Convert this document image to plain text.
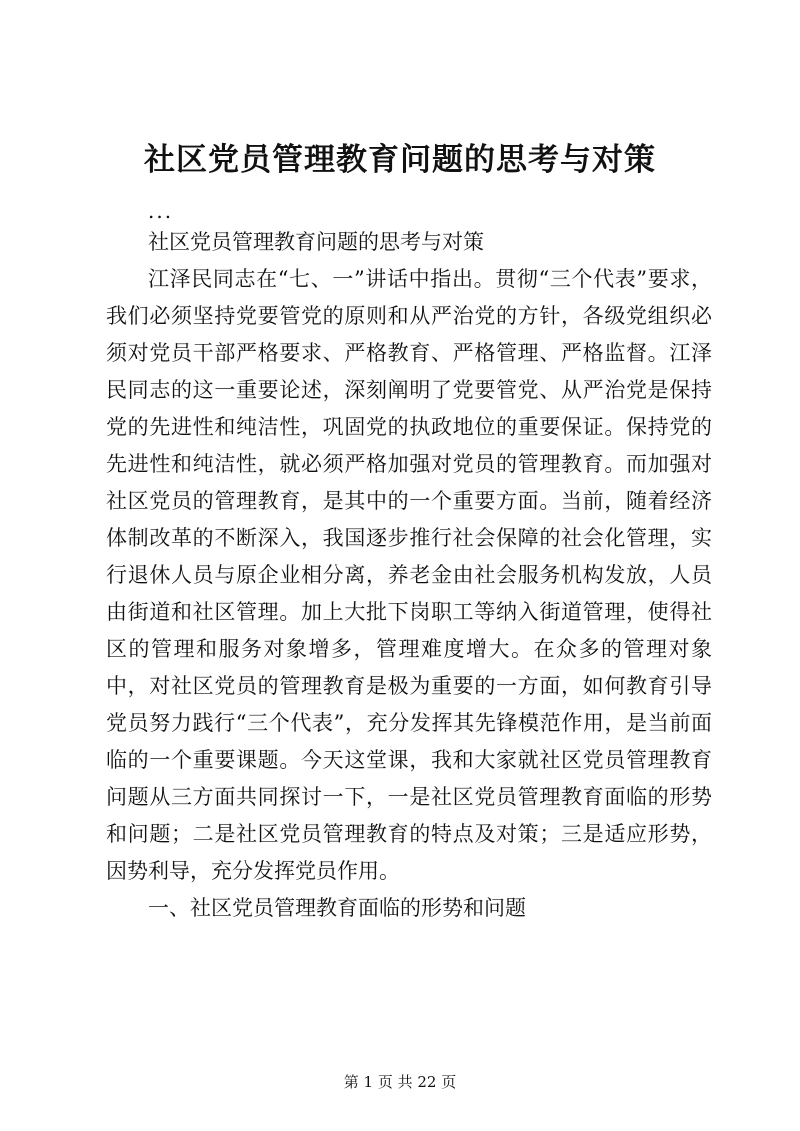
社区党员管理教育问题的思考与对策
...

社区党员管理教育问题的思考与对策

江泽民同志在“七、一”讲话中指出。贯彻“三个代表”要求，我们必须坚持党要管党的原则和从严治党的方针，各级党组织必须对党员干部严格要求、严格教育、严格管理、严格监督。江泽民同志的这一重要论述，深刻阐明了党要管党、从严治党是保持党的先进性和纯洁性，巩固党的执政地位的重要保证。保持党的先进性和纯洁性，就必须严格加强对党员的管理教育。而加强对社区党员的管理教育，是其中的一个重要方面。当前，随着经济体制改革的不断深入，我国逐步推行社会保障的社会化管理，实行退休人员与原企业相分离，养老金由社会服务机构发放，人员由街道和社区管理。加上大批下岗职工等纳入街道管理，使得社区的管理和服务对象增多，管理难度增大。在众多的管理对象中，对社区党员的管理教育是极为重要的一方面，如何教育引导党员努力践行“三个代表”，充分发挥其先锋模范作用，是当前面临的一个重要课题。今天这堂课，我和大家就社区党员管理教育问题从三方面共同探讨一下，一是社区党员管理教育面临的形势和问题；二是社区党员管理教育的特点及对策；三是适应形势，因势利导，充分发挥党员作用。

一、社区党员管理教育面临的形势和问题

第 1 页 共 22 页
